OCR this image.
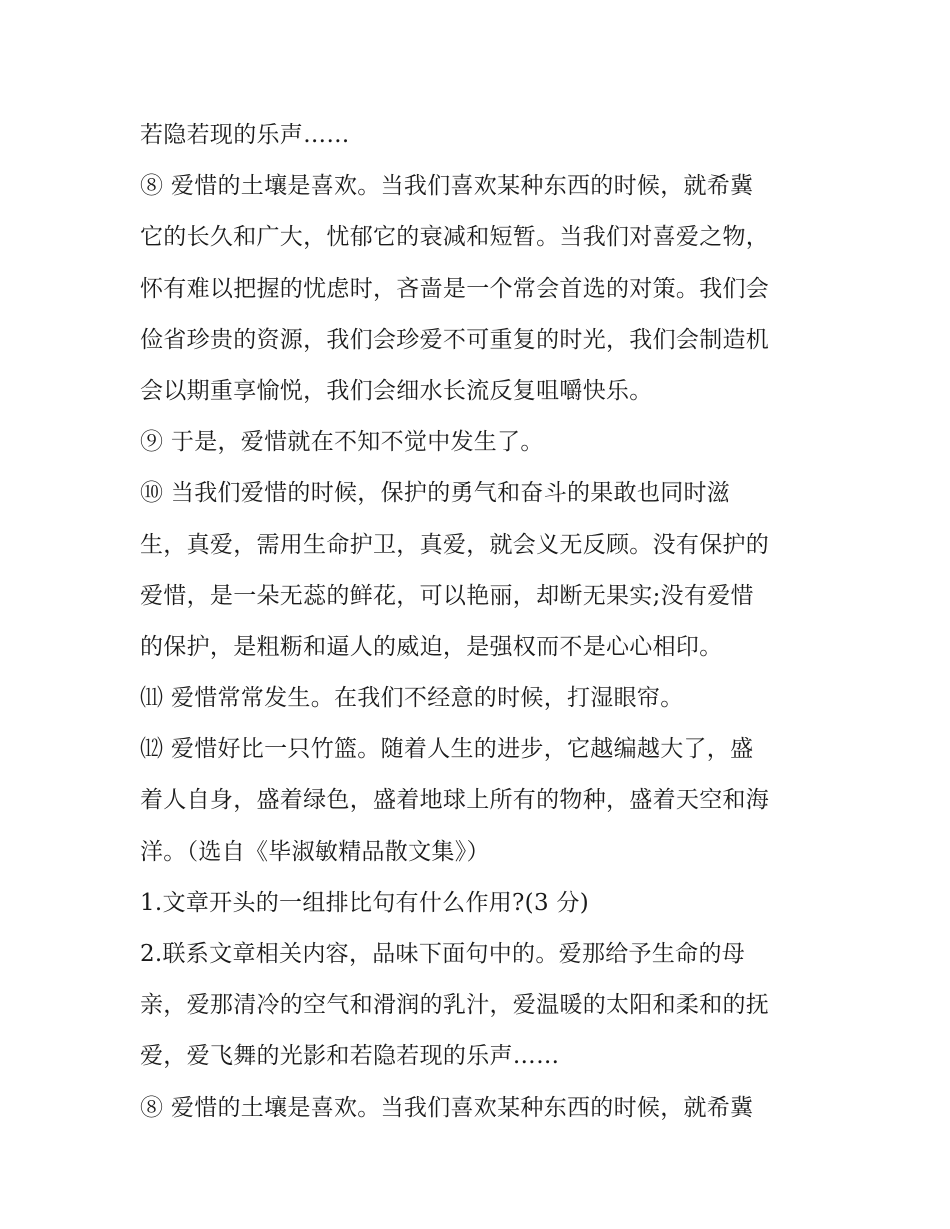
若隐若现的乐声……
⑧ 爱惜的土壤是喜欢。当我们喜欢某种东西的时候，就希冀
它的长久和广大，忧郁它的衰减和短暂。当我们对喜爱之物，
怀有难以把握的忧虑时，吝啬是一个常会首选的对策。我们会
俭省珍贵的资源，我们会珍爱不可重复的时光，我们会制造机
会以期重享愉悦，我们会细水长流反复咀嚼快乐。
⑨ 于是，爱惜就在不知不觉中发生了。
⑩ 当我们爱惜的时候，保护的勇气和奋斗的果敢也同时滋
生，真爱，需用生命护卫，真爱，就会义无反顾。没有保护的
爱惜，是一朵无蕊的鲜花，可以艳丽，却断无果实;没有爱惜
的保护，是粗粝和逼人的威迫，是强权而不是心心相印。
⑾ 爱惜常常发生。在我们不经意的时候，打湿眼帘。
⑿ 爱惜好比一只竹篮。随着人生的进步，它越编越大了，盛
着人自身，盛着绿色，盛着地球上所有的物种，盛着天空和海
洋。（选自《毕淑敏精品散文集》）
1.文章开头的一组排比句有什么作用?(3 分)
2.联系文章相关内容，品味下面句中的。爱那给予生命的母
亲，爱那清冷的空气和滑润的乳汁，爱温暖的太阳和柔和的抚
爱，爱飞舞的光影和若隐若现的乐声……
⑧ 爱惜的土壤是喜欢。当我们喜欢某种东西的时候，就希冀
